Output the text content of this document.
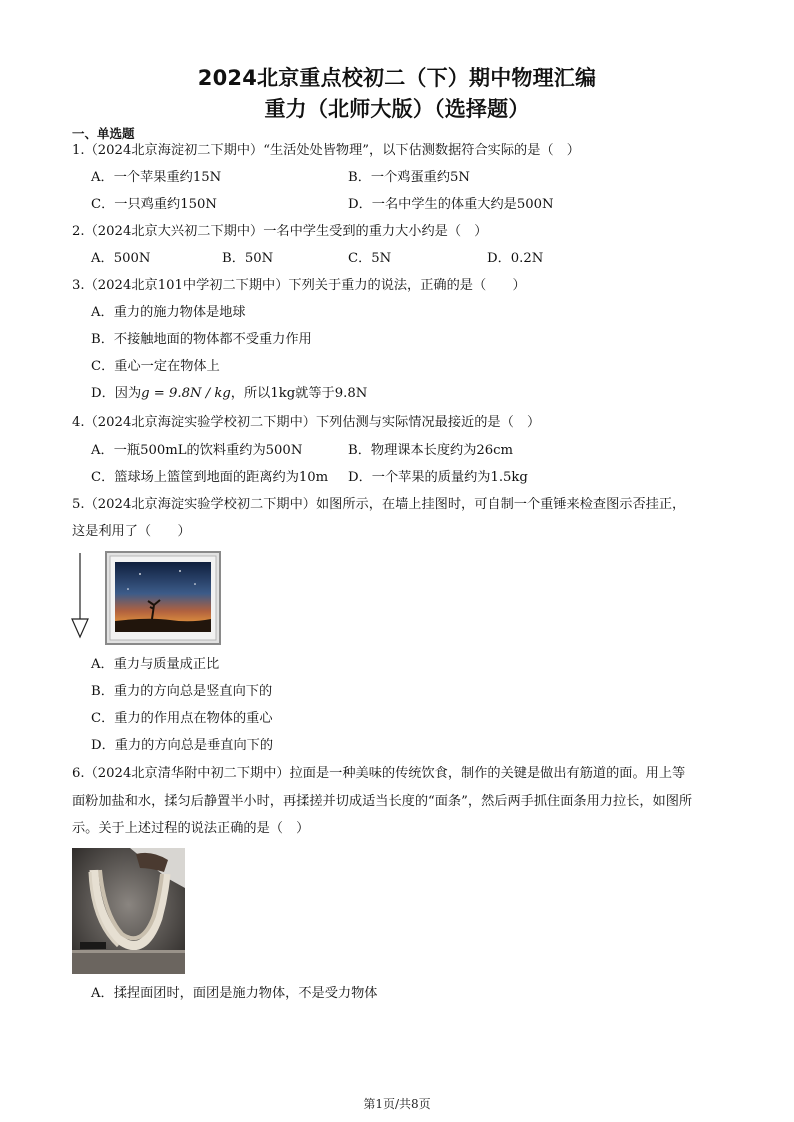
2024北京重点校初二（下）期中物理汇编
重力（北师大版）（选择题）
一、单选题
1.（2024北京海淀初二下期中）“生活处处皆物理”，以下估测数据符合实际的是（　）
A．一个苹果重约15N	B．一个鸡蛋重约5N
C．一只鸡重约150N	D．一名中学生的体重大约是500N
2.（2024北京大兴初二下期中）一名中学生受到的重力大小约是（　）
A．500N	B．50N	C．5N	D．0.2N
3.（2024北京101中学初二下期中）下列关于重力的说法，正确的是（　　）
A．重力的施力物体是地球
B．不接触地面的物体都不受重力作用
C．重心一定在物体上
D．因为g = 9.8N / kg，所以1kg就等于9.8N
4.（2024北京海淀实验学校初二下期中）下列估测与实际情况最接近的是（　）
A．一瓶500mL的饮料重约为500N	B．物理课本长度约为26cm
C．篮球场上篮筐到地面的距离约为10m D．一个苹果的质量约为1.5kg
5.（2024北京海淀实验学校初二下期中）如图所示，在墙上挂图时，可自制一个重锤来检查图示否挂正，
这是利用了（　　）
A．重力与质量成正比
B．重力的方向总是竖直向下的
C．重力的作用点在物体的重心
D．重力的方向总是垂直向下的
6.（2024北京清华附中初二下期中）拉面是一种美味的传统饮食，制作的关键是做出有筋道的面。用上等
面粉加盐和水，揉匀后静置半小时，再揉搓并切成适当长度的“面条”，然后两手抓住面条用力拉长，如图所
示。关于上述过程的说法正确的是（　）
A．揉捏面团时，面团是施力物体，不是受力物体
第1页/共8页
